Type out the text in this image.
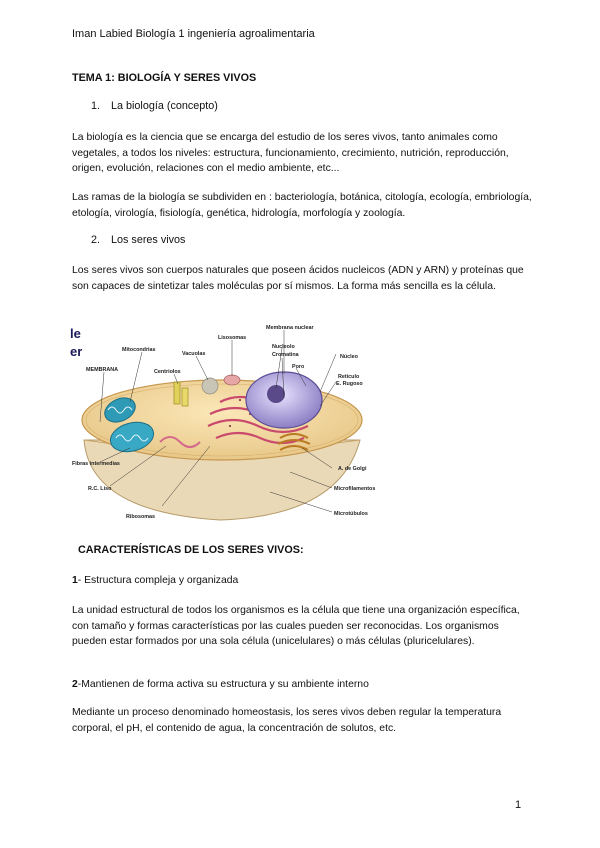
Iman Labied Biología 1 ingeniería agroalimentaria
TEMA 1: BIOLOGÍA Y SERES VIVOS
1. La biología (concepto)
La biología es la ciencia que se encarga del estudio de los seres vivos, tanto animales como vegetales, a todos los niveles: estructura, funcionamiento, crecimiento, nutrición, reproducción, origen, evolución, relaciones con el medio ambiente, etc...
Las ramas de la biología se subdividen en : bacteriología, botánica, citología, ecología, embriología, etología, virología, fisiología, genética, hidrología, morfología y zoología.
2. Los seres vivos
Los seres vivos son cuerpos naturales que poseen ácidos nucleicos (ADN y ARN) y proteínas que son capaces de sintetizar tales moléculas por sí mismos. La forma más sencilla es la célula.
le
er
Membrana nuclear
Lisosomas
Mitocondrias
Vacuolas
Nucleolo
Cromatina	Núcleo
MEMBRANA	Centriolos
Poro
Retículo
E. Rugoso
Fibras intermedias
A. de Golgi
R.C. Liso	Microfilamentos
Ribosomas	Microtúbulos
CARACTERÍSTICAS DE LOS SERES VIVOS:
1- Estructura compleja y organizada
La unidad estructural de todos los organismos es la célula que tiene una organización específica, con tamaño y formas características por las cuales pueden ser reconocidas. Los organismos pueden estar formados por una sola célula (unicelulares) o más células (pluricelulares).
2-Mantienen de forma activa su estructura y su ambiente interno
Mediante un proceso denominado homeostasis, los seres vivos deben regular la temperatura corporal, el pH, el contenido de agua, la concentración de solutos, etc.
1
